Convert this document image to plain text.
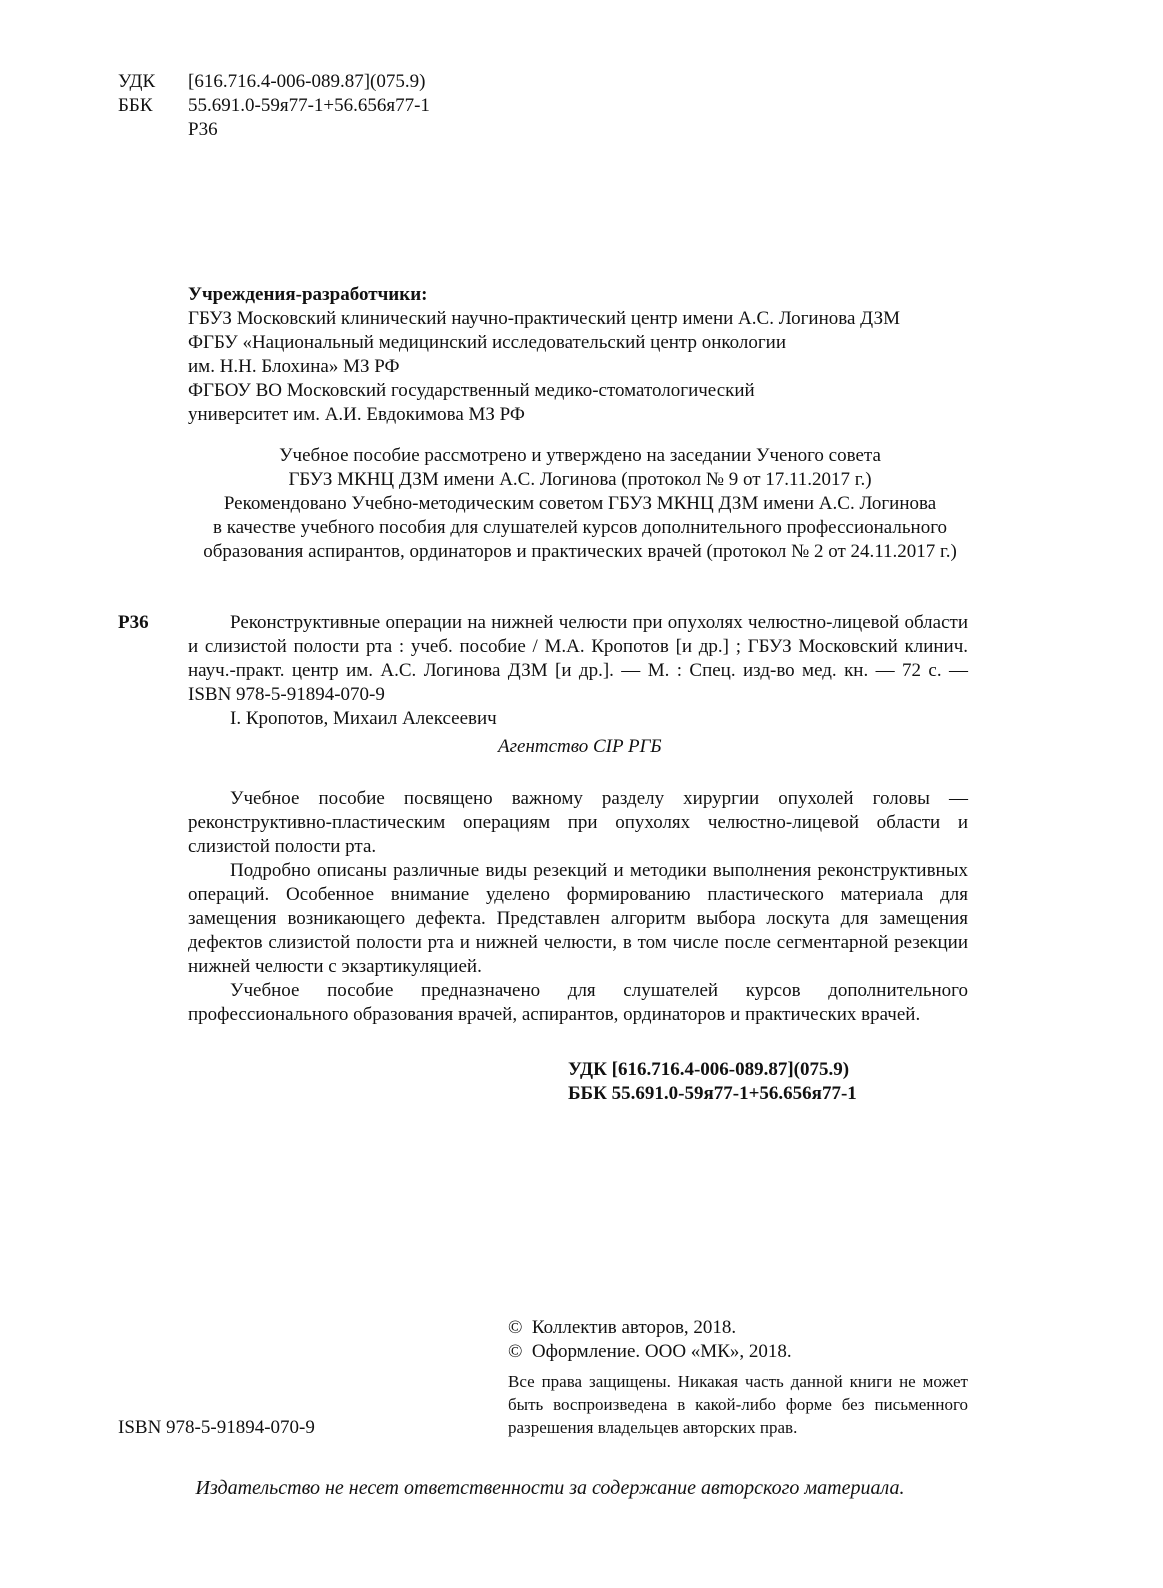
УДК [616.716.4-006-089.87](075.9)
ББК 55.691.0-59я77-1+56.656я77-1
Р36
Учреждения-разработчики:
ГБУЗ Московский клинический научно-практический центр имени А.С. Логинова ДЗМ
ФГБУ «Национальный медицинский исследовательский центр онкологии
им. Н.Н. Блохина» МЗ РФ
ФГБОУ ВО Московский государственный медико-стоматологический
университет им. А.И. Евдокимова МЗ РФ
Учебное пособие рассмотрено и утверждено на заседании Ученого совета
ГБУЗ МКНЦ ДЗМ имени А.С. Логинова (протокол № 9 от 17.11.2017 г.)
Рекомендовано Учебно-методическим советом ГБУЗ МКНЦ ДЗМ имени А.С. Логинова
в качестве учебного пособия для слушателей курсов дополнительного профессионального
образования аспирантов, ординаторов и практических врачей (протокол № 2 от 24.11.2017 г.)
Р36	Реконструктивные операции на нижней челюсти при опухолях челюстно-лицевой области и слизистой полости рта : учеб. пособие / М.А. Кропотов [и др.] ; ГБУЗ Московский клинич. науч.-практ. центр им. А.С. Логинова ДЗМ [и др.]. — М. : Спец. изд-во мед. кн. — 72 с. — ISBN 978-5-91894-070-9

I. Кропотов, Михаил Алексеевич

Агентство CIP РГБ

Учебное пособие посвящено важному разделу хирургии опухолей головы — реконструктивно-пластическим операциям при опухолях челюстно-лицевой области и слизистой полости рта.

Подробно описаны различные виды резекций и методики выполнения реконструктивных операций. Особенное внимание уделено формированию пластического материала для замещения возникающего дефекта. Представлен алгоритм выбора лоскута для замещения дефектов слизистой полости рта и нижней челюсти, в том числе после сегментарной резекции нижней челюсти с экзартикуляцией.

Учебное пособие предназначено для слушателей курсов дополнительного профессионального образования врачей, аспирантов, ординаторов и практических врачей.

УДК [616.716.4-006-089.87](075.9)
ББК 55.691.0-59я77-1+56.656я77-1
©  Коллектив авторов, 2018.
©  Оформление. ООО «МК», 2018.

Все права защищены. Никакая часть данной книги не может быть воспроизведена в какой-либо форме без письменного разрешения владельцев авторских прав.

ISBN 978-5-91894-070-9
Издательство не несет ответственности за содержание авторского материала.
